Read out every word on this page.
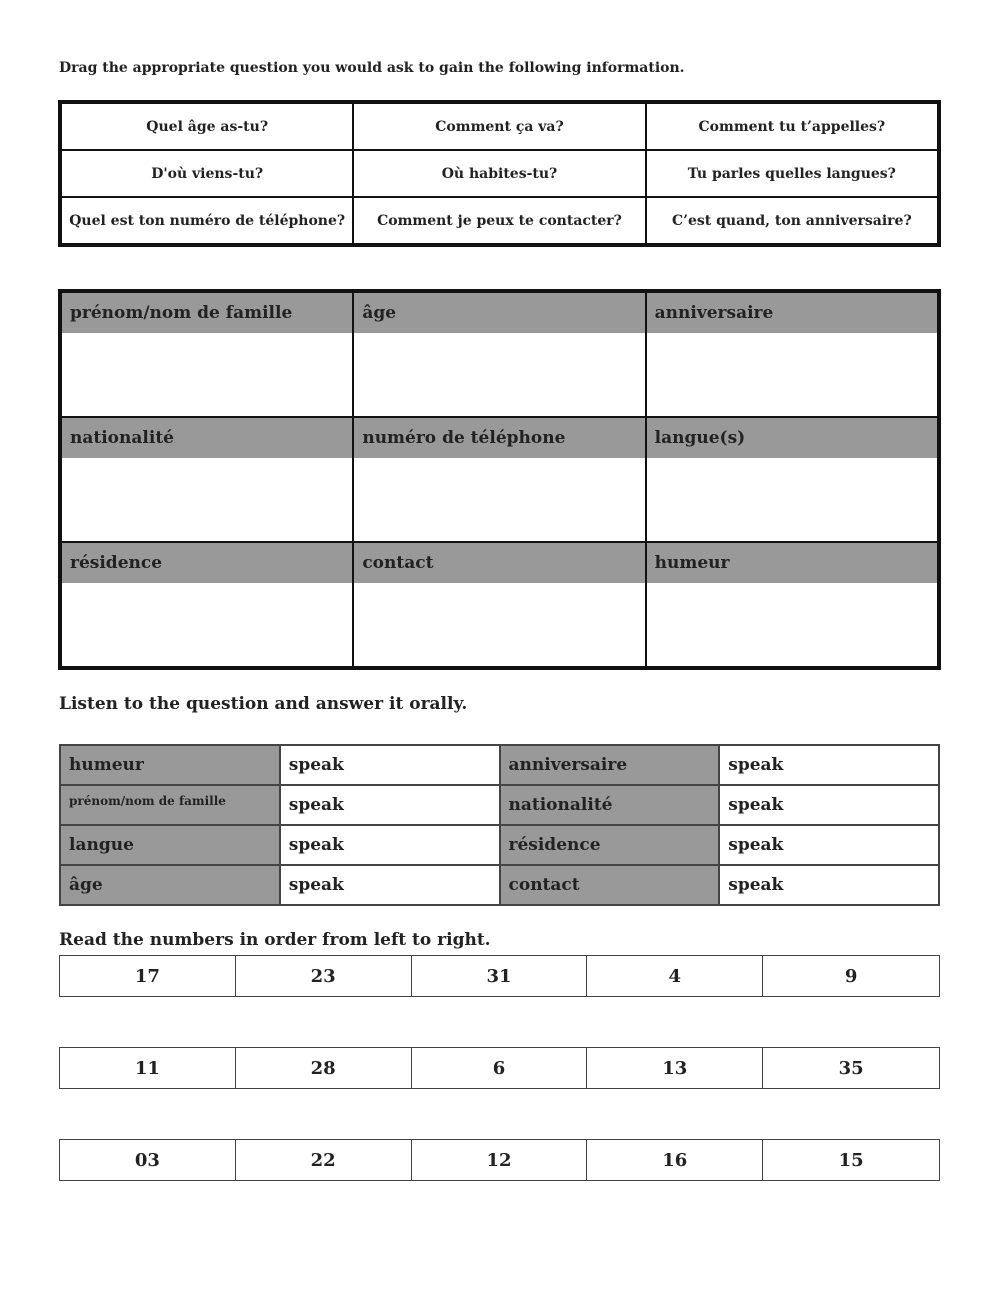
Drag the appropriate question you would ask to gain the following information.
Quel âge as-tu?	Comment ça va?	Comment tu t’appelles?
D'où viens-tu?	Où habites-tu?	Tu parles quelles langues?
Quel est ton numéro de téléphone?	Comment je peux te contacter?	C’est quand, ton anniversaire?
prénom/nom de famille	âge	anniversaire
nationalité	numéro de téléphone	langue(s)
résidence	contact	humeur
Listen to the question and answer it orally.
humeur	speak	anniversaire	speak
prénom/nom de famille	speak	nationalité	speak
langue	speak	résidence	speak
âge	speak	contact	speak
Read the numbers in order from left to right.
17	23	31	4	9
11	28	6	13	35
03	22	12	16	15
